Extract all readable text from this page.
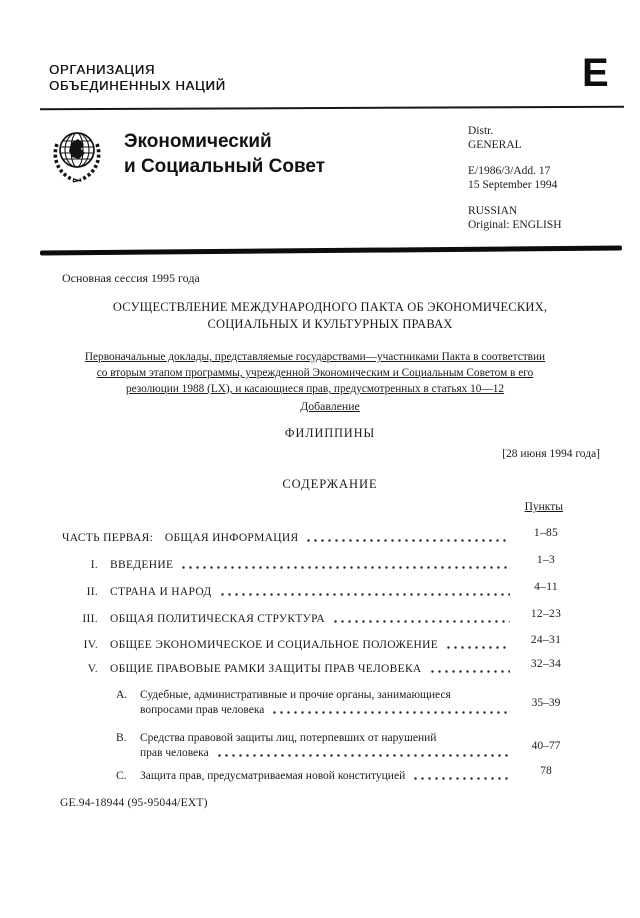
ОРГАНИЗАЦИЯ
ОБЪЕДИНЕННЫХ НАЦИЙ	E
Экономический
и Социальный Совет
Distr.
GENERAL
E/1986/3/Add. 17
15 September 1994
RUSSIAN
Original: ENGLISH
Основная сессия 1995 года
ОСУЩЕСТВЛЕНИЕ МЕЖДУНАРОДНОГО ПАКТА ОБ ЭКОНОМИЧЕСКИХ,
СОЦИАЛЬНЫХ И КУЛЬТУРНЫХ ПРАВАХ
Первоначальные доклады, представляемые государствами—участниками Пакта в соответствии
со вторым этапом программы, учрежденной Экономическим и Социальным Советом в его
резолюции 1988 (LX), и касающиеся прав, предусмотренных в статьях 10—12
Добавление
ФИЛИППИНЫ
[28 июня 1994 года]
СОДЕРЖАНИЕ
Пункты
ЧАСТЬ ПЕРВАЯ: ОБЩАЯ ИНФОРМАЦИЯ	1–85
I.	ВВЕДЕНИЕ	1–3
II.	СТРАНА И НАРОД	4–11
III.	ОБЩАЯ ПОЛИТИЧЕСКАЯ СТРУКТУРА	12–23
IV.	ОБЩЕЕ ЭКОНОМИЧЕСКОЕ И СОЦИАЛЬНОЕ ПОЛОЖЕНИЕ	24–31
V.	ОБЩИЕ ПРАВОВЫЕ РАМКИ ЗАЩИТЫ ПРАВ ЧЕЛОВЕКА	32–34
A.	Судебные, административные и прочие органы, занимающиеся
вопросами прав человека
35–39
B.	Средства правовой защиты лиц, потерпевших от нарушений
прав человека
40–77
C.	Защита прав, предусматриваемая новой конституцией	78
GE.94-18944 (95-95044/EXT)
